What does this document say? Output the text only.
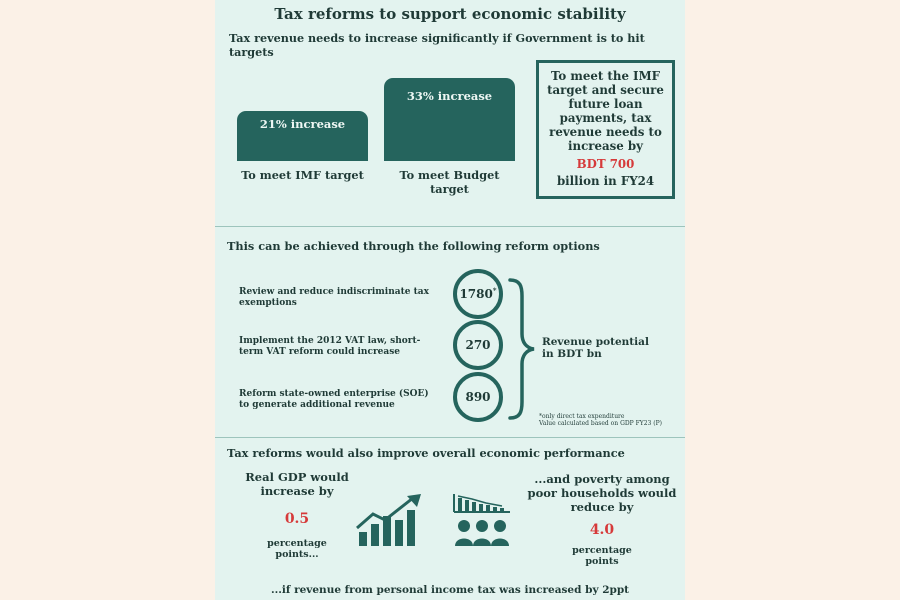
Tax reforms to support economic stability
Tax revenue needs to increase significantly if Government is to hit targets
21% increase
To meet IMF target
33% increase
To meet Budget target
To meet the IMF target and secure future loan payments, tax revenue needs to increase by
BDT 700
billion in FY24
This can be achieved through the following reform options
Review and reduce indiscriminate tax exemptions
Implement the 2012 VAT law, short-term VAT reform could increase
Reform state-owned enterprise (SOE) to generate additional revenue
1780*
270
890
Revenue potential in BDT bn
*only direct tax expenditure
Value calculated based on GDP FY23 (P)
Tax reforms would also improve overall economic performance
Real GDP would increase by
0.5
percentage points...
...and poverty among poor households would reduce by
4.0
percentage points
...if revenue from personal income tax was increased by 2ppt
